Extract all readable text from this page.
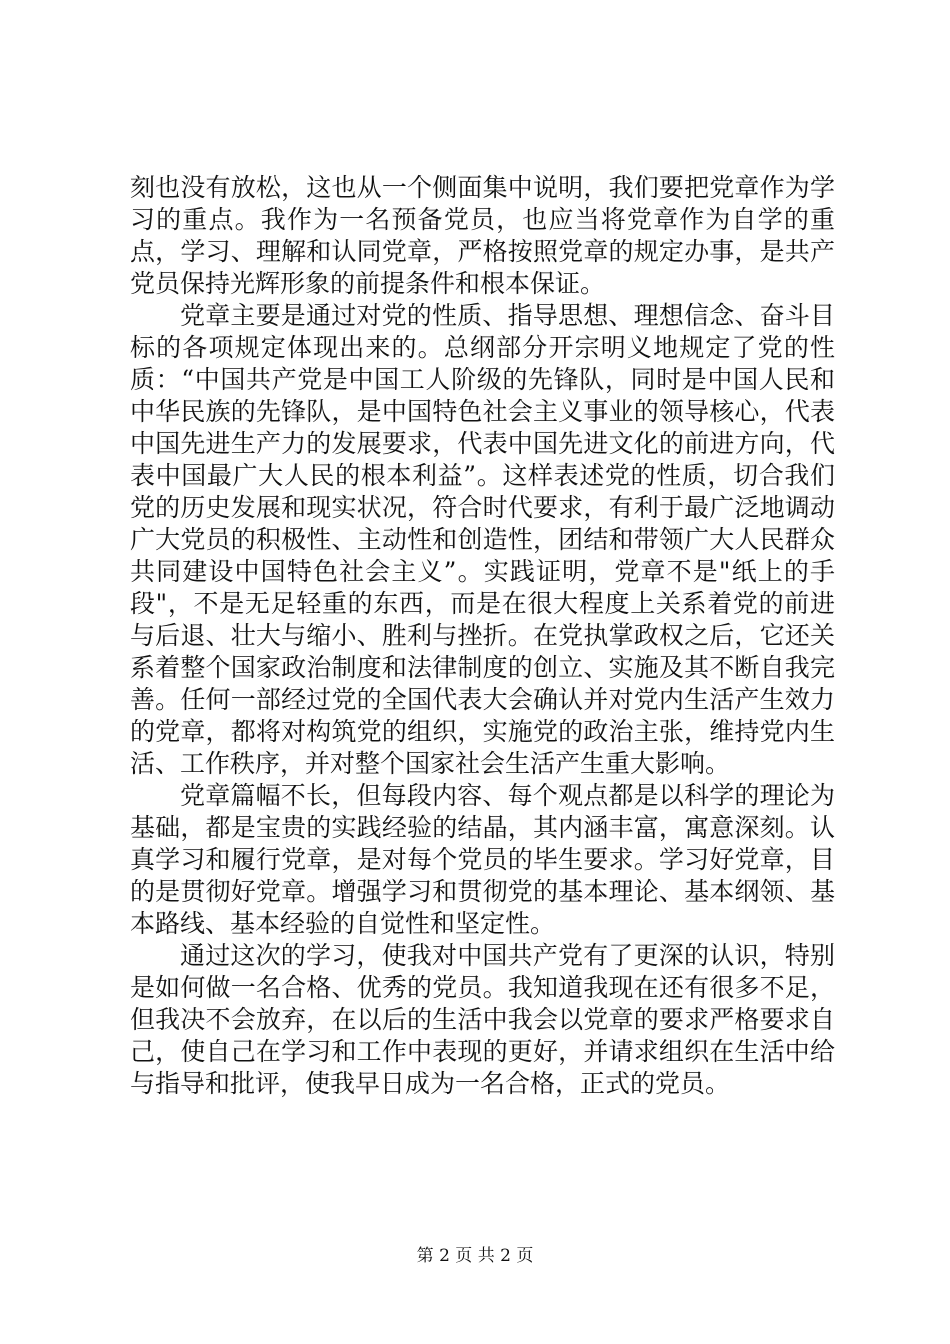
刻也没有放松，这也从一个侧面集中说明，我们要把党章作为学习的重点。我作为一名预备党员，也应当将党章作为自学的重点，学习、理解和认同党章，严格按照党章的规定办事，是共产党员保持光辉形象的前提条件和根本保证。

党章主要是通过对党的性质、指导思想、理想信念、奋斗目标的各项规定体现出来的。总纲部分开宗明义地规定了党的性质：“中国共产党是中国工人阶级的先锋队，同时是中国人民和中华民族的先锋队，是中国特色社会主义事业的领导核心，代表中国先进生产力的发展要求，代表中国先进文化的前进方向，代表中国最广大人民的根本利益”。这样表述党的性质，切合我们党的历史发展和现实状况，符合时代要求，有利于最广泛地调动广大党员的积极性、主动性和创造性，团结和带领广大人民群众共同建设中国特色社会主义”。实践证明，党章不是"纸上的手段"，不是无足轻重的东西，而是在很大程度上关系着党的前进与后退、壮大与缩小、胜利与挫折。在党执掌政权之后，它还关系着整个国家政治制度和法律制度的创立、实施及其不断自我完善。任何一部经过党的全国代表大会确认并对党内生活产生效力的党章，都将对构筑党的组织，实施党的政治主张，维持党内生活、工作秩序，并对整个国家社会生活产生重大影响。

党章篇幅不长，但每段内容、每个观点都是以科学的理论为基础，都是宝贵的实践经验的结晶，其内涵丰富，寓意深刻。认真学习和履行党章，是对每个党员的毕生要求。学习好党章，目的是贯彻好党章。增强学习和贯彻党的基本理论、基本纲领、基本路线、基本经验的自觉性和坚定性。

通过这次的学习，使我对中国共产党有了更深的认识，特别是如何做一名合格、优秀的党员。我知道我现在还有很多不足，但我决不会放弃，在以后的生活中我会以党章的要求严格要求自己，使自己在学习和工作中表现的更好，并请求组织在生活中给与指导和批评，使我早日成为一名合格，正式的党员。

第 2 页 共 2 页
